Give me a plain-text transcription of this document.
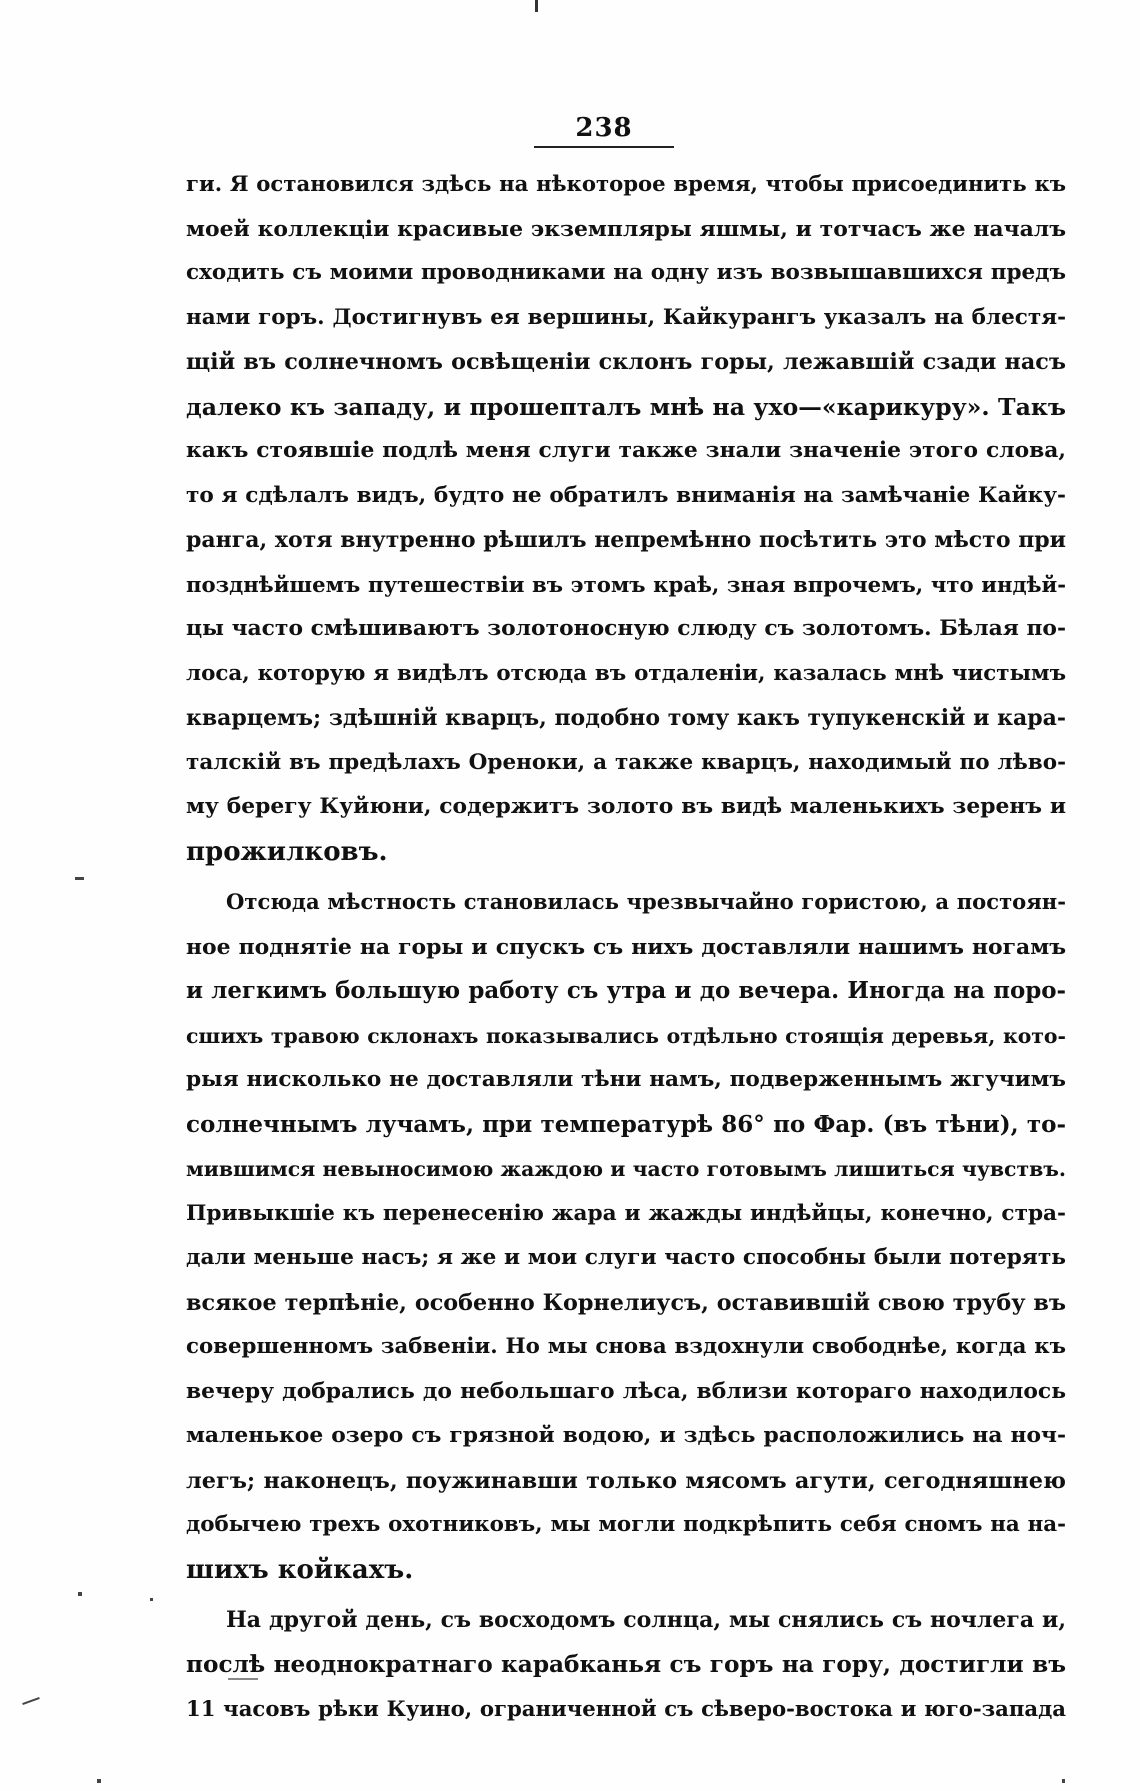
238
ги. Я остановился здѣсь на нѣкоторое время, чтобы присоединить къ
моей коллекціи красивые экземпляры яшмы, и тотчасъ же началъ
сходить съ моими проводниками на одну изъ возвышавшихся предъ
нами горъ. Достигнувъ ея вершины, Кайкурангъ указалъ на блестя-
щій въ солнечномъ освѣщеніи склонъ горы, лежавшій сзади насъ
далеко къ западу, и прошепталъ мнѣ на ухо—«карикуру». Такъ
какъ стоявшіе подлѣ меня слуги также знали значеніе этого слова,
то я сдѣлалъ видъ, будто не обратилъ вниманія на замѣчаніе Кайку-
ранга, хотя внутренно рѣшилъ непремѣнно посѣтить это мѣсто при
позднѣйшемъ путешествіи въ этомъ краѣ, зная впрочемъ, что индѣй-
цы часто смѣшиваютъ золотоносную слюду съ золотомъ. Бѣлая по-
лоса, которую я видѣлъ отсюда въ отдаленіи, казалась мнѣ чистымъ
кварцемъ; здѣшній кварцъ, подобно тому какъ тупукенскій и кара-
талскій въ предѣлахъ Ореноки, а также кварцъ, находимый по лѣво-
му берегу Куйюни, содержитъ золото въ видѣ маленькихъ зеренъ и
прожилковъ.
Отсюда мѣстность становилась чрезвычайно гористою, а постоян-
ное поднятіе на горы и спускъ съ нихъ доставляли нашимъ ногамъ
и легкимъ большую работу съ утра и до вечера. Иногда на поро-
сшихъ травою склонахъ показывались отдѣльно стоящія деревья, кото-
рыя нисколько не доставляли тѣни намъ, подверженнымъ жгучимъ
солнечнымъ лучамъ, при температурѣ 86° по Фар. (въ тѣни), то-
мившимся невыносимою жаждою и часто готовымъ лишиться чувствъ.
Привыкшіе къ перенесенію жара и жажды индѣйцы, конечно, стра-
дали меньше насъ; я же и мои слуги часто способны были потерять
всякое терпѣніе, особенно Корнелиусъ, оставившій свою трубу въ
совершенномъ забвеніи. Но мы снова вздохнули свободнѣе, когда къ
вечеру добрались до небольшаго лѣса, вблизи котораго находилось
маленькое озеро съ грязной водою, и здѣсь расположились на ноч-
легъ; наконецъ, поужинавши только мясомъ агути, сегодняшнею
добычею трехъ охотниковъ, мы могли подкрѣпить себя сномъ на на-
шихъ койкахъ.
На другой день, съ восходомъ солнца, мы снялись съ ночлега и,
послѣ неоднократнаго карабканья съ горъ на гору, достигли въ
11 часовъ рѣки Куино, ограниченной съ сѣверо-востока и юго-запада
